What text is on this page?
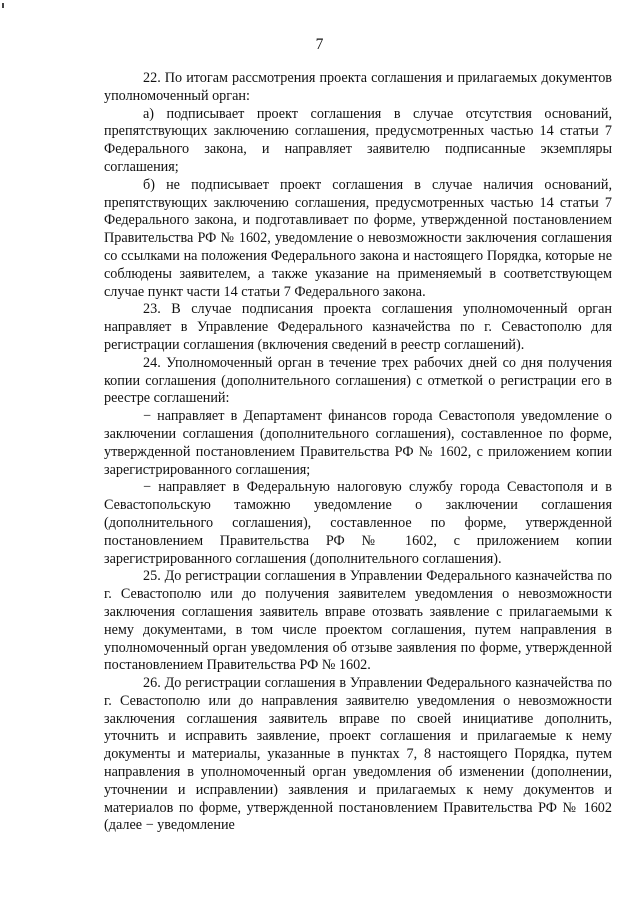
7

22. По итогам рассмотрения проекта соглашения и прилагаемых документов уполномоченный орган:

а) подписывает проект соглашения в случае отсутствия оснований, препятствующих заключению соглашения, предусмотренных частью 14 статьи 7 Федерального закона, и направляет заявителю подписанные экземпляры соглашения;

б) не подписывает проект соглашения в случае наличия оснований, препятствующих заключению соглашения, предусмотренных частью 14 статьи 7 Федерального закона, и подготавливает по форме, утвержденной постановлением Правительства РФ № 1602, уведомление о невозможности заключения соглашения со ссылками на положения Федерального закона и настоящего Порядка, которые не соблюдены заявителем, а также указание на применяемый в соответствующем случае пункт части 14 статьи 7 Федерального закона.

23. В случае подписания проекта соглашения уполномоченный орган направляет в Управление Федерального казначейства по г. Севастополю для регистрации соглашения (включения сведений в реестр соглашений).

24. Уполномоченный орган в течение трех рабочих дней со дня получения копии соглашения (дополнительного соглашения) с отметкой о регистрации его в реестре соглашений:

− направляет в Департамент финансов города Севастополя уведомление о заключении соглашения (дополнительного соглашения), составленное по форме, утвержденной постановлением Правительства РФ № 1602, с приложением копии зарегистрированного соглашения;

− направляет в Федеральную налоговую службу города Севастополя и в Севастопольскую таможню уведомление о заключении соглашения (дополнительного соглашения), составленное по форме, утвержденной постановлением Правительства РФ № 1602, с приложением копии зарегистрированного соглашения (дополнительного соглашения).

25. До регистрации соглашения в Управлении Федерального казначейства по г. Севастополю или до получения заявителем уведомления о невозможности заключения соглашения заявитель вправе отозвать заявление с прилагаемыми к нему документами, в том числе проектом соглашения, путем направления в уполномоченный орган уведомления об отзыве заявления по форме, утвержденной постановлением Правительства РФ № 1602.

26. До регистрации соглашения в Управлении Федерального казначейства по г. Севастополю или до направления заявителю уведомления о невозможности заключения соглашения заявитель вправе по своей инициативе дополнить, уточнить и исправить заявление, проект соглашения и прилагаемые к нему документы и материалы, указанные в пунктах 7, 8 настоящего Порядка, путем направления в уполномоченный орган уведомления об изменении (дополнении, уточнении и исправлении) заявления и прилагаемых к нему документов и материалов по форме, утвержденной постановлением Правительства РФ № 1602 (далее − уведомление
